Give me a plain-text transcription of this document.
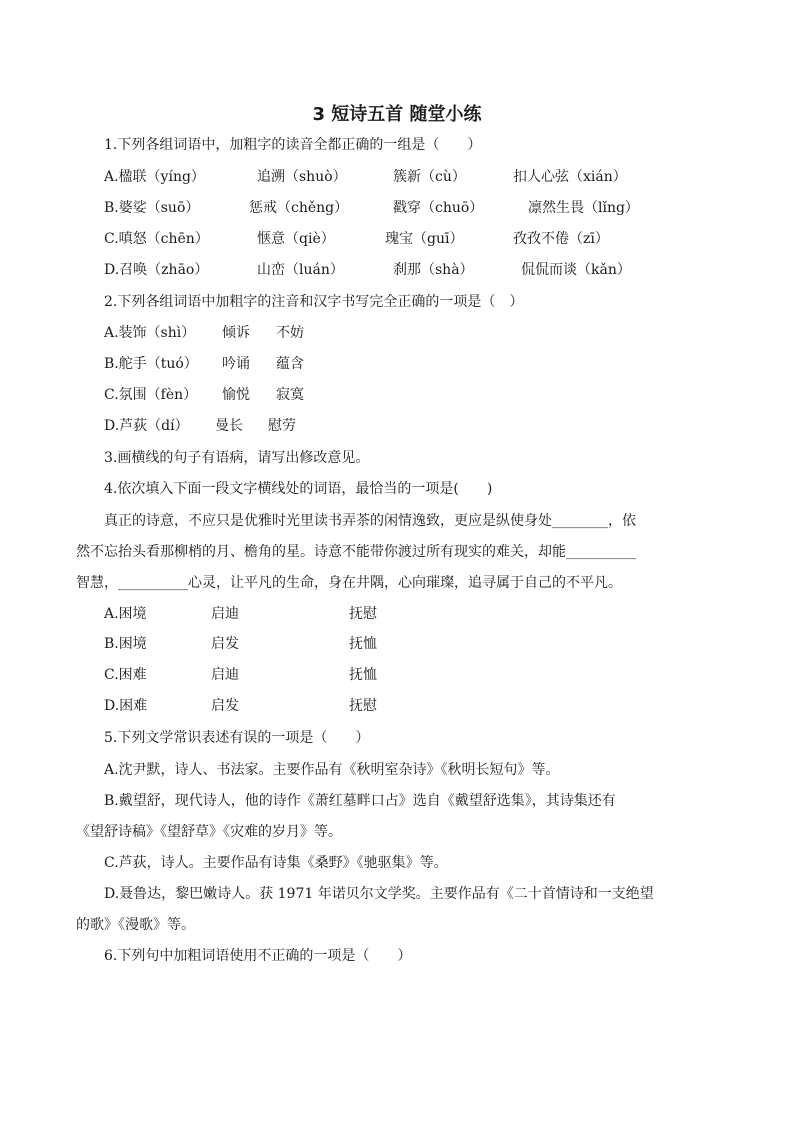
3 短诗五首 随堂小练
1.下列各组词语中，加粗字的读音全都正确的一组是（　　）
A.楹联（yíng）	追溯（shuò）	簇新（cù）	扣人心弦（xián）
B.婆娑（suō）	惩戒（chěng）	戳穿（chuō）	凛然生畏（lǐng）
C.嗔怒（chēn）	惬意（qiè）	瑰宝（guī）	孜孜不倦（zī）
D.召唤（zhāo）	山峦（luán）	刹那（shà）	侃侃而谈（kǎn）
2.下列各组词语中加粗字的注音和汉字书写完全正确的一项是（　）
A.装饰（shì） 倾诉 不妨
B.舵手（tuó） 吟诵 蕴含
C.氛围（fèn） 愉悦 寂寞
D.芦荻（dí） 曼长 慰劳
3.画横线的句子有语病，请写出修改意见。
4.依次填入下面一段文字横线处的词语，最恰当的一项是(　　)
真正的诗意，不应只是优雅时光里读书弄茶的闲情逸致，更应是纵使身处________，依
然不忘抬头看那柳梢的月、檐角的星。诗意不能带你渡过所有现实的难关，却能__________
智慧，__________心灵，让平凡的生命，身在井隅，心向璀璨，追寻属于自己的不平凡。
A.困境	启迪	抚慰
B.困境	启发	抚恤
C.困难	启迪	抚恤
D.困难	启发	抚慰
5.下列文学常识表述有误的一项是（　　）
A.沈尹默，诗人、书法家。主要作品有《秋明室杂诗》《秋明长短句》等。
B.戴望舒，现代诗人，他的诗作《萧红墓畔口占》选自《戴望舒选集》，其诗集还有
《望舒诗稿》《望舒草》《灾难的岁月》等。
C.芦荻，诗人。主要作品有诗集《桑野》《驰驱集》等。
D.聂鲁达，黎巴嫩诗人。获 1971 年诺贝尔文学奖。主要作品有《二十首情诗和一支绝望
的歌》《漫歌》等。
6.下列句中加粗词语使用不正确的一项是（　　）
